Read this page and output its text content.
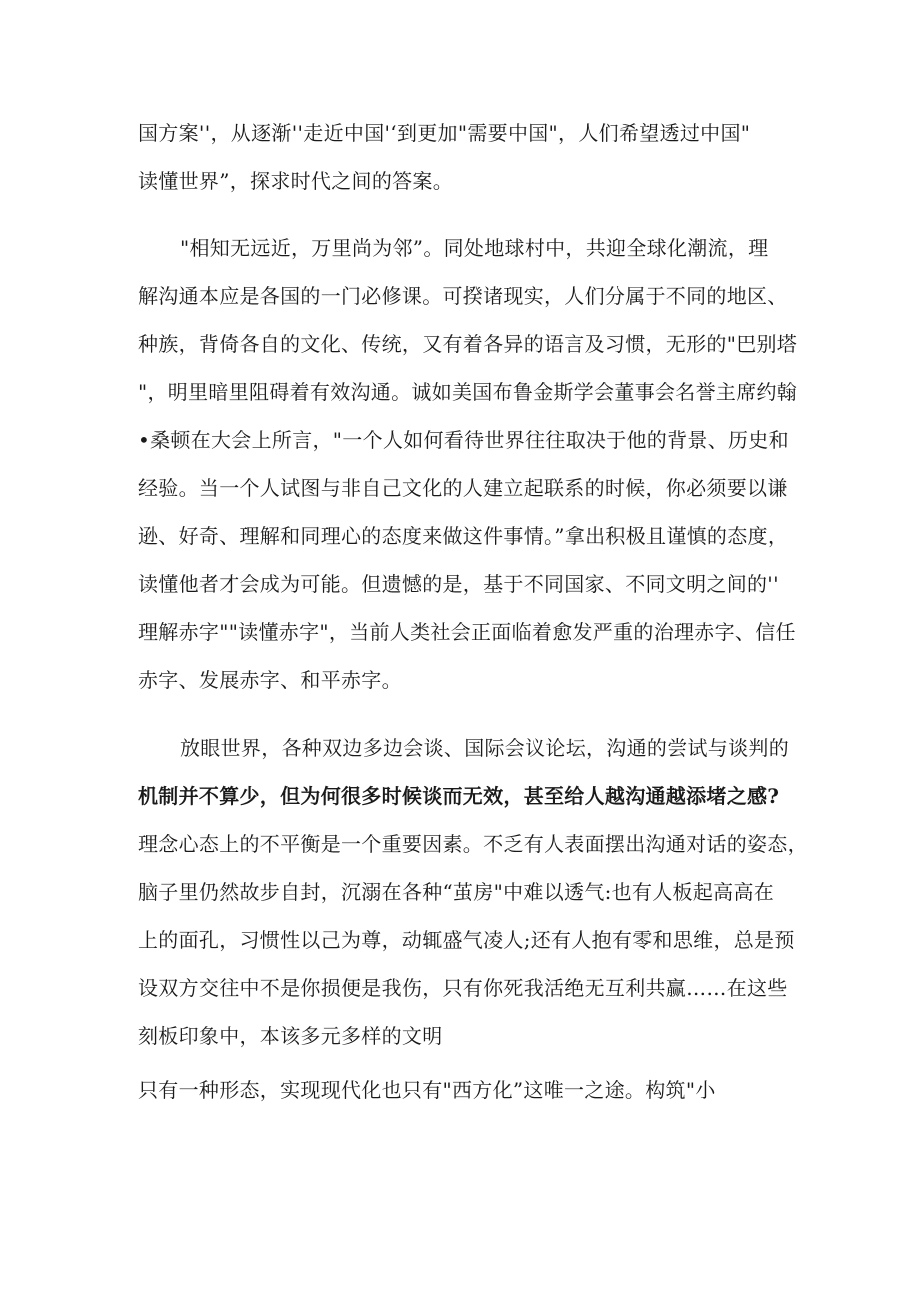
国方案''，从逐渐''走近中国'‘到更加"需要中国"，人们希望透过中国"
读懂世界”，探求时代之间的答案。
"相知无远近，万里尚为邻”。同处地球村中，共迎全球化潮流，理
解沟通本应是各国的一门必修课。可揆诸现实，人们分属于不同的地区、
种族，背倚各自的文化、传统，又有着各异的语言及习惯，无形的"巴别塔
"，明里暗里阻碍着有效沟通。诚如美国布鲁金斯学会董事会名誉主席约翰
•桑顿在大会上所言，"一个人如何看待世界往往取决于他的背景、历史和
经验。当一个人试图与非自己文化的人建立起联系的时候，你必须要以谦
逊、好奇、理解和同理心的态度来做这件事情。”拿出积极且谨慎的态度，
读懂他者才会成为可能。但遗憾的是，基于不同国家、不同文明之间的''
理解赤字""读懂赤字"，当前人类社会正面临着愈发严重的治理赤字、信任
赤字、发展赤字、和平赤字。
放眼世界，各种双边多边会谈、国际会议论坛，沟通的尝试与谈判的
机制并不算少，但为何很多时候谈而无效，甚至给人越沟通越添堵之感?
理念心态上的不平衡是一个重要因素。不乏有人表面摆出沟通对话的姿态，
脑子里仍然故步自封，沉溺在各种“茧房"中难以透气:也有人板起高高在
上的面孔，习惯性以己为尊，动辄盛气凌人;还有人抱有零和思维，总是预
设双方交往中不是你损便是我伤，只有你死我活绝无互利共赢……在这些
刻板印象中，本该多元多样的文明
只有一种形态，实现现代化也只有"西方化”这唯一之途。构筑"小
